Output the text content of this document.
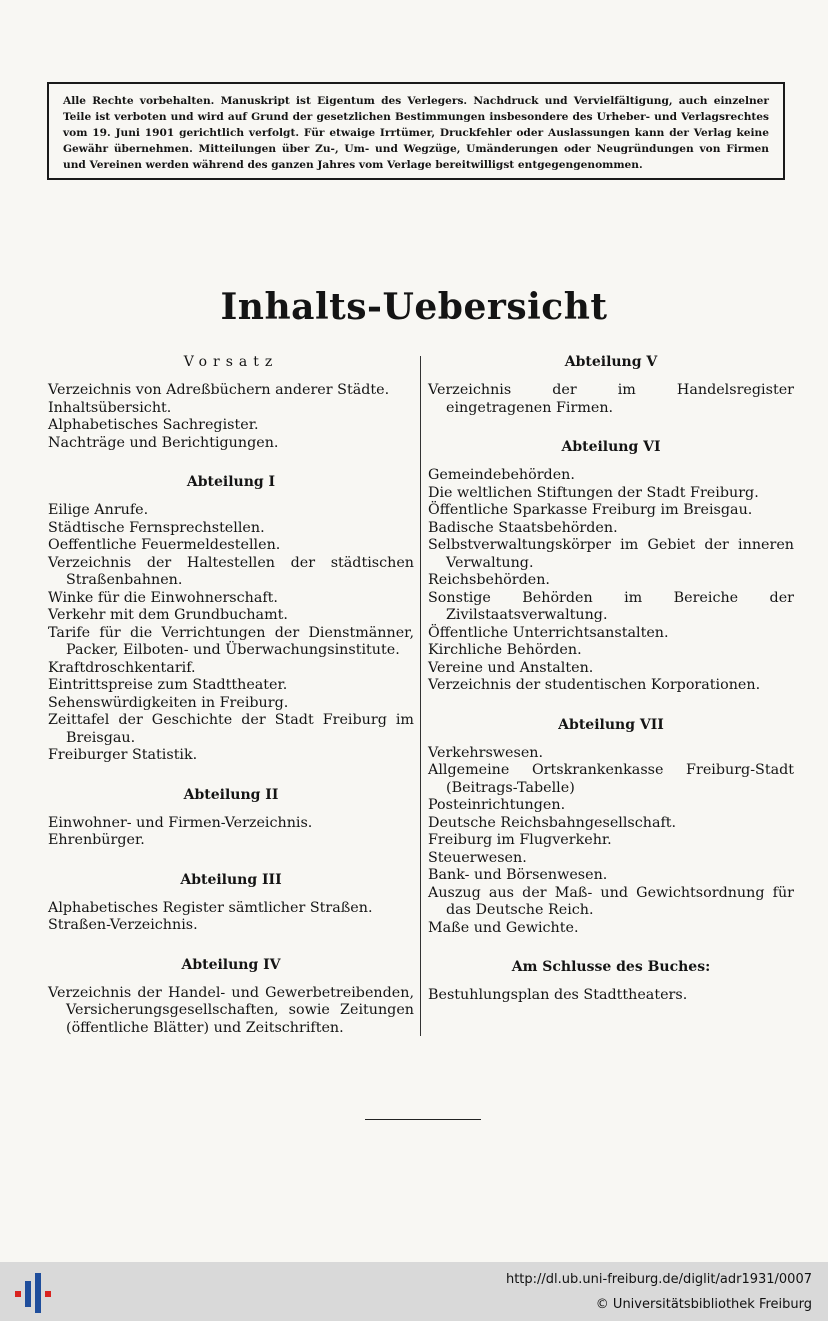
Alle Rechte vorbehalten. Manuskript ist Eigentum des Verlegers. Nachdruck und Vervielfältigung, auch einzelner Teile ist verboten und wird auf Grund der gesetzlichen Bestimmungen insbesondere des Urheber- und Verlagsrechtes vom 19. Juni 1901 gerichtlich verfolgt. Für etwaige Irrtümer, Druckfehler oder Auslassungen kann der Verlag keine Gewähr übernehmen. Mitteilungen über Zu-, Um- und Wegzüge, Umänderungen oder Neugründungen von Firmen und Vereinen werden während des ganzen Jahres vom Verlage bereitwilligst entgegengenommen.

Inhalts-Uebersicht
Vorsatz

Verzeichnis von Adreßbüchern anderer Städte.

Inhaltsübersicht.

Alphabetisches Sachregister.

Nachträge und Berichtigungen.

Abteilung I

Eilige Anrufe.

Städtische Fernsprechstellen.

Oeffentliche Feuermeldestellen.

Verzeichnis der Haltestellen der städtischen Straßenbahnen.

Winke für die Einwohnerschaft.

Verkehr mit dem Grundbuchamt.

Tarife für die Verrichtungen der Dienstmänner, Packer, Eilboten- und Überwachungsinstitute.

Kraftdroschkentarif.

Eintrittspreise zum Stadttheater.

Sehenswürdigkeiten in Freiburg.

Zeittafel der Geschichte der Stadt Freiburg im Breisgau.

Freiburger Statistik.

Abteilung II

Einwohner- und Firmen-Verzeichnis.

Ehrenbürger.

Abteilung III

Alphabetisches Register sämtlicher Straßen.

Straßen-Verzeichnis.

Abteilung IV

Verzeichnis der Handel- und Gewerbetreibenden, Versicherungsgesellschaften, sowie Zeitungen (öffentliche Blätter) und Zeitschriften.

Abteilung V

Verzeichnis der im Handelsregister eingetragenen Firmen.

Abteilung VI

Gemeindebehörden.

Die weltlichen Stiftungen der Stadt Freiburg.

Öffentliche Sparkasse Freiburg im Breisgau.

Badische Staatsbehörden.

Selbstverwaltungskörper im Gebiet der inneren Verwaltung.

Reichsbehörden.

Sonstige Behörden im Bereiche der Zivilstaatsverwaltung.

Öffentliche Unterrichtsanstalten.

Kirchliche Behörden.

Vereine und Anstalten.

Verzeichnis der studentischen Korporationen.

Abteilung VII

Verkehrswesen.

Allgemeine Ortskrankenkasse Freiburg-Stadt (Beitrags-Tabelle)

Posteinrichtungen.

Deutsche Reichsbahngesellschaft.

Freiburg im Flugverkehr.

Steuerwesen.

Bank- und Börsenwesen.

Auszug aus der Maß- und Gewichtsordnung für das Deutsche Reich.

Maße und Gewichte.

Am Schlusse des Buches:

Bestuhlungsplan des Stadttheaters.

http://dl.ub.uni-freiburg.de/diglit/adr1931/0007
© Universitätsbibliothek Freiburg
